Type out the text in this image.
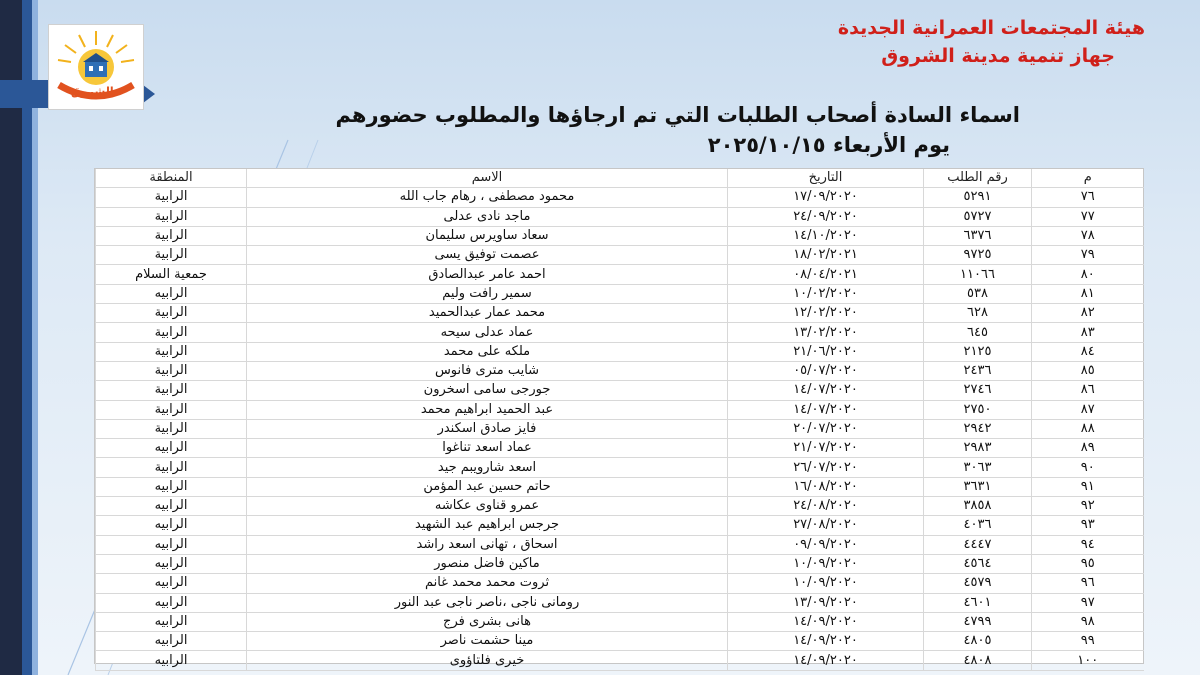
الشروق
هيئة المجتمعات العمرانية الجديدة
جهاز تنمية مدينة الشروق
اسماء السادة أصحاب الطلبات التي تم ارجاؤها والمطلوب حضورهم
يوم الأربعاء ٢٠٢٥/١٠/١٥
م	رقم الطلب	التاريخ	الاسم	المنطقة
٧٦	٥٢٩١	١٧/٠٩/٢٠٢٠	محمود مصطفى ، رهام جاب الله	الرابية
٧٧	٥٧٢٧	٢٤/٠٩/٢٠٢٠	ماجد نادى عدلى	الرابية
٧٨	٦٣٧٦	١٤/١٠/٢٠٢٠	سعاد ساويرس سليمان	الرابية
٧٩	٩٧٢٥	١٨/٠٢/٢٠٢١	عصمت توفيق يسى	الرابية
٨٠	١١٠٦٦	٠٨/٠٤/٢٠٢١	احمد عامر عبدالصادق	جمعية السلام
٨١	٥٣٨	١٠/٠٢/٢٠٢٠	سمير رافت وليم	الرابيه
٨٢	٦٢٨	١٢/٠٢/٢٠٢٠	محمد عمار عبدالحميد	الرابية
٨٣	٦٤٥	١٣/٠٢/٢٠٢٠	عماد عدلى سيحه	الرابية
٨٤	٢١٢٥	٢١/٠٦/٢٠٢٠	ملكه على محمد	الرابية
٨٥	٢٤٣٦	٠٥/٠٧/٢٠٢٠	شايب مترى فانوس	الرابية
٨٦	٢٧٤٦	١٤/٠٧/٢٠٢٠	جورجى سامى اسخرون	الرابية
٨٧	٢٧٥٠	١٤/٠٧/٢٠٢٠	عبد الحميد ابراهيم محمد	الرابية
٨٨	٢٩٤٢	٢٠/٠٧/٢٠٢٠	فايز صادق اسكندر	الرابية
٨٩	٢٩٨٣	٢١/٠٧/٢٠٢٠	عماد اسعد تناغوا	الرابيه
٩٠	٣٠٦٣	٢٦/٠٧/٢٠٢٠	اسعد شارويبم جيد	الرابية
٩١	٣٦٣١	١٦/٠٨/٢٠٢٠	حاتم حسين عبد المؤمن	الرابيه
٩٢	٣٨٥٨	٢٤/٠٨/٢٠٢٠	عمرو قناوى عكاشه	الرابيه
٩٣	٤٠٣٦	٢٧/٠٨/٢٠٢٠	جرجس ابراهيم عبد الشهيد	الرابيه
٩٤	٤٤٤٧	٠٩/٠٩/٢٠٢٠	اسحاق ، تهانى اسعد راشد	الرابيه
٩٥	٤٥٦٤	١٠/٠٩/٢٠٢٠	ماكين فاضل منصور	الرابيه
٩٦	٤٥٧٩	١٠/٠٩/٢٠٢٠	ثروت محمد محمد غانم	الرابيه
٩٧	٤٦٠١	١٣/٠٩/٢٠٢٠	رومانى ناجى ،ناصر ناجى عبد النور	الرابيه
٩٨	٤٧٩٩	١٤/٠٩/٢٠٢٠	هانى بشرى فرج	الرابيه
٩٩	٤٨٠٥	١٤/٠٩/٢٠٢٠	مينا حشمت ناصر	الرابيه
١٠٠	٤٨٠٨	١٤/٠٩/٢٠٢٠	خيرى فلتاؤوى	الرابيه
